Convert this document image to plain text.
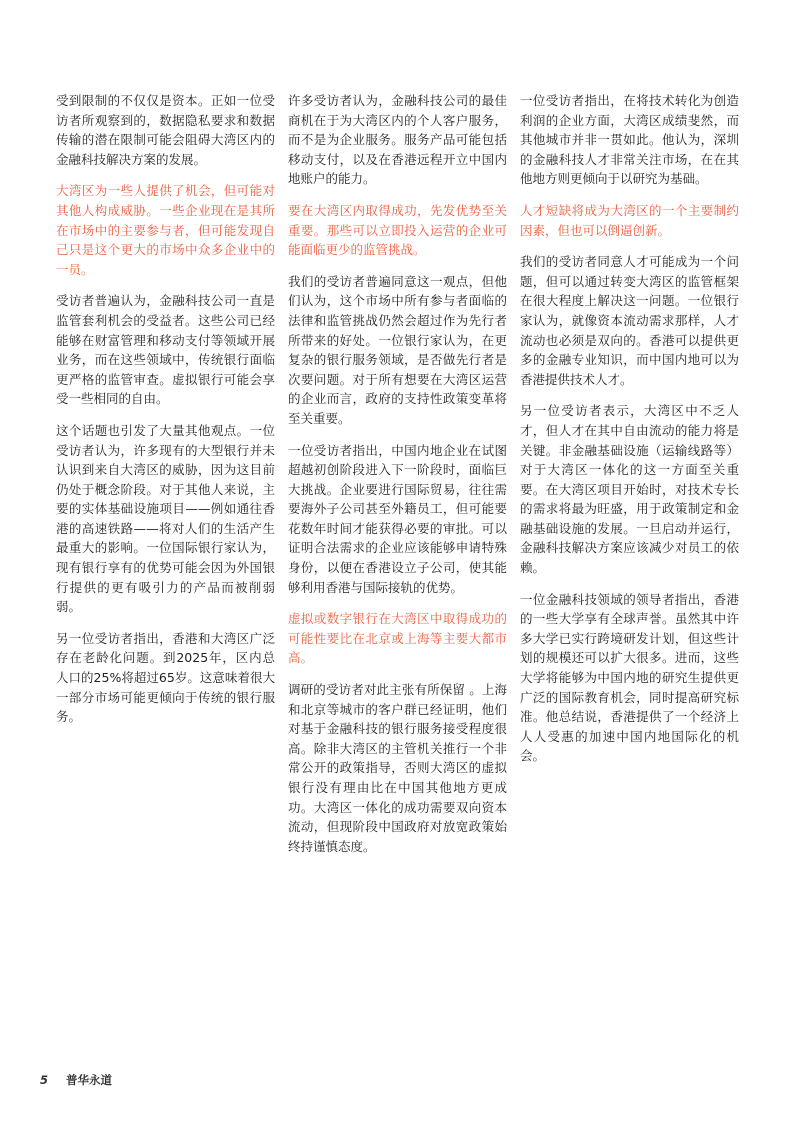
受到限制的不仅仅是资本。正如一位受访者所观察到的，数据隐私要求和数据传输的潜在限制可能会阻碍大湾区内的金融科技解决方案的发展。

大湾区为一些人提供了机会，但可能对其他人构成威胁。一些企业现在是其所在市场中的主要参与者，但可能发现自己只是这个更大的市场中众多企业中的一员。

受访者普遍认为，金融科技公司一直是监管套利机会的受益者。这些公司已经能够在财富管理和移动支付等领域开展业务，而在这些领域中，传统银行面临更严格的监管审查。虚拟银行可能会享受一些相同的自由。

这个话题也引发了大量其他观点。一位受访者认为，许多现有的大型银行并未认识到来自大湾区的威胁，因为这目前仍处于概念阶段。对于其他人来说，主要的实体基础设施项目——例如通往香港的高速铁路——将对人们的生活产生最重大的影响。一位国际银行家认为，现有银行享有的优势可能会因为外国银行提供的更有吸引力的产品而被削弱弱。

另一位受访者指出，香港和大湾区广泛存在老龄化问题。到2025年，区内总人口的25%将超过65岁。这意味着很大一部分市场可能更倾向于传统的银行服务。

许多受访者认为，金融科技公司的最佳商机在于为大湾区内的个人客户服务，而不是为企业服务。服务产品可能包括移动支付，以及在香港远程开立中国内地账户的能力。

要在大湾区内取得成功，先发优势至关重要。那些可以立即投入运营的企业可能面临更少的监管挑战。

我们的受访者普遍同意这一观点，但他们认为，这个市场中所有参与者面临的法律和监管挑战仍然会超过作为先行者所带来的好处。一位银行家认为，在更复杂的银行服务领域，是否做先行者是次要问题。对于所有想要在大湾区运营的企业而言，政府的支持性政策变革将至关重要。

一位受访者指出，中国内地企业在试图超越初创阶段进入下一阶段时，面临巨大挑战。企业要进行国际贸易，往往需要海外子公司甚至外籍员工，但可能要花数年时间才能获得必要的审批。可以证明合法需求的企业应该能够申请特殊身份，以便在香港设立子公司，使其能够利用香港与国际接轨的优势。

虚拟或数字银行在大湾区中取得成功的可能性要比在北京或上海等主要大都市高。

调研的受访者对此主张有所保留 。上海和北京等城市的客户群已经证明，他们对基于金融科技的银行服务接受程度很高。除非大湾区的主管机关推行一个非常公开的政策指导，否则大湾区的虚拟银行没有理由比在中国其他地方更成功。大湾区一体化的成功需要双向资本流动，但现阶段中国政府对放宽政策始终持谨慎态度。

一位受访者指出，在将技术转化为创造利润的企业方面，大湾区成绩斐然，而其他城市并非一贯如此。他认为，深圳的金融科技人才非常关注市场，在在其他地方则更倾向于以研究为基础。

人才短缺将成为大湾区的一个主要制约因素，但也可以倒逼创新。

我们的受访者同意人才可能成为一个问题，但可以通过转变大湾区的监管框架在很大程度上解决这一问题。一位银行家认为，就像资本流动需求那样，人才流动也必须是双向的。香港可以提供更多的金融专业知识，而中国内地可以为香港提供技术人才。

另一位受访者表示，大湾区中不乏人才，但人才在其中自由流动的能力将是关键。非金融基础设施（运输线路等）对于大湾区一体化的这一方面至关重要。在大湾区项目开始时，对技术专长的需求将最为旺盛，用于政策制定和金融基础设施的发展。一旦启动并运行，金融科技解决方案应该减少对员工的依赖。

一位金融科技领域的领导者指出，香港的一些大学享有全球声誉。虽然其中许多大学已实行跨境研发计划，但这些计划的规模还可以扩大很多。进而，这些大学将能够为中国内地的研究生提供更广泛的国际教育机会，同时提高研究标准。他总结说，香港提供了一个经济上人人受惠的加速中国内地国际化的机会。

5 普华永道
